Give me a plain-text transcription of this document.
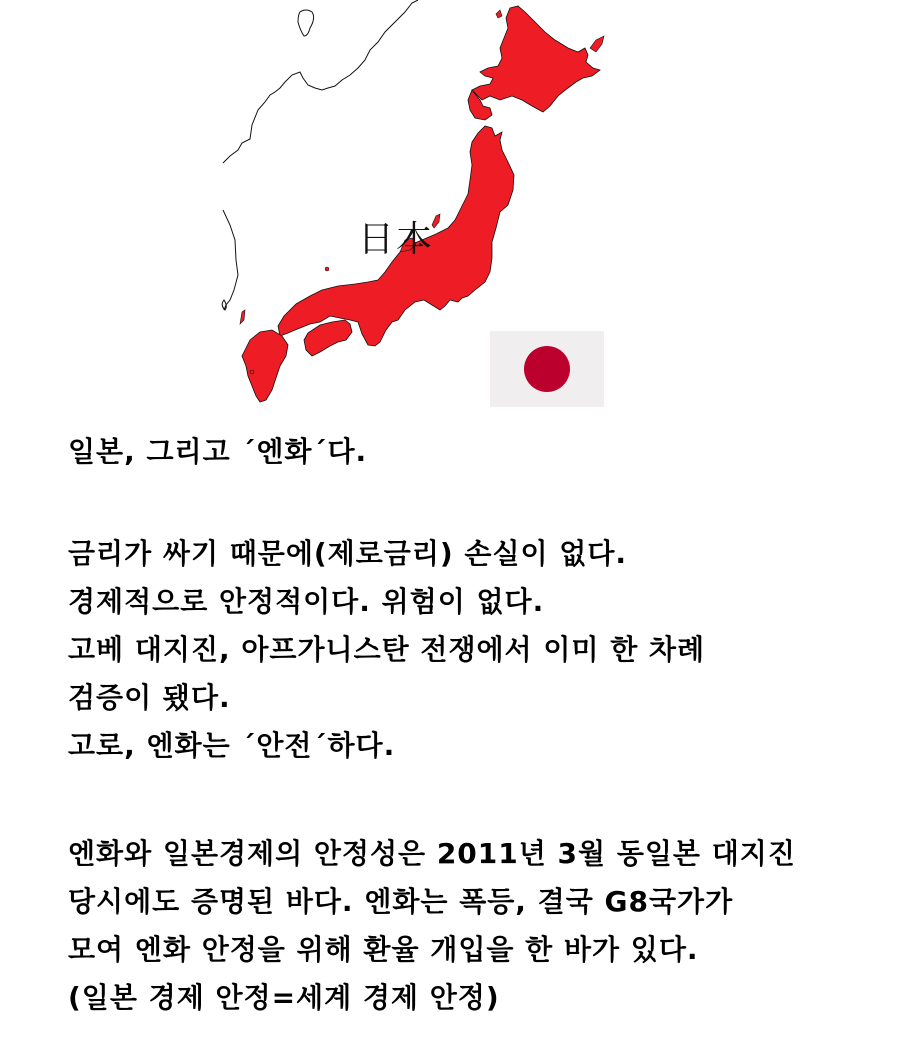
日本
일본, 그리고 ´엔화´다.
금리가 싸기 때문에(제로금리) 손실이 없다.
경제적으로 안정적이다. 위험이 없다.
고베 대지진, 아프가니스탄 전쟁에서 이미 한 차례
검증이 됐다.
고로, 엔화는 ´안전´하다.
엔화와 일본경제의 안정성은 2011년 3월 동일본 대지진
당시에도 증명된 바다. 엔화는 폭등, 결국 G8국가가
모여 엔화 안정을 위해 환율 개입을 한 바가 있다.
(일본 경제 안정=세계 경제 안정)
